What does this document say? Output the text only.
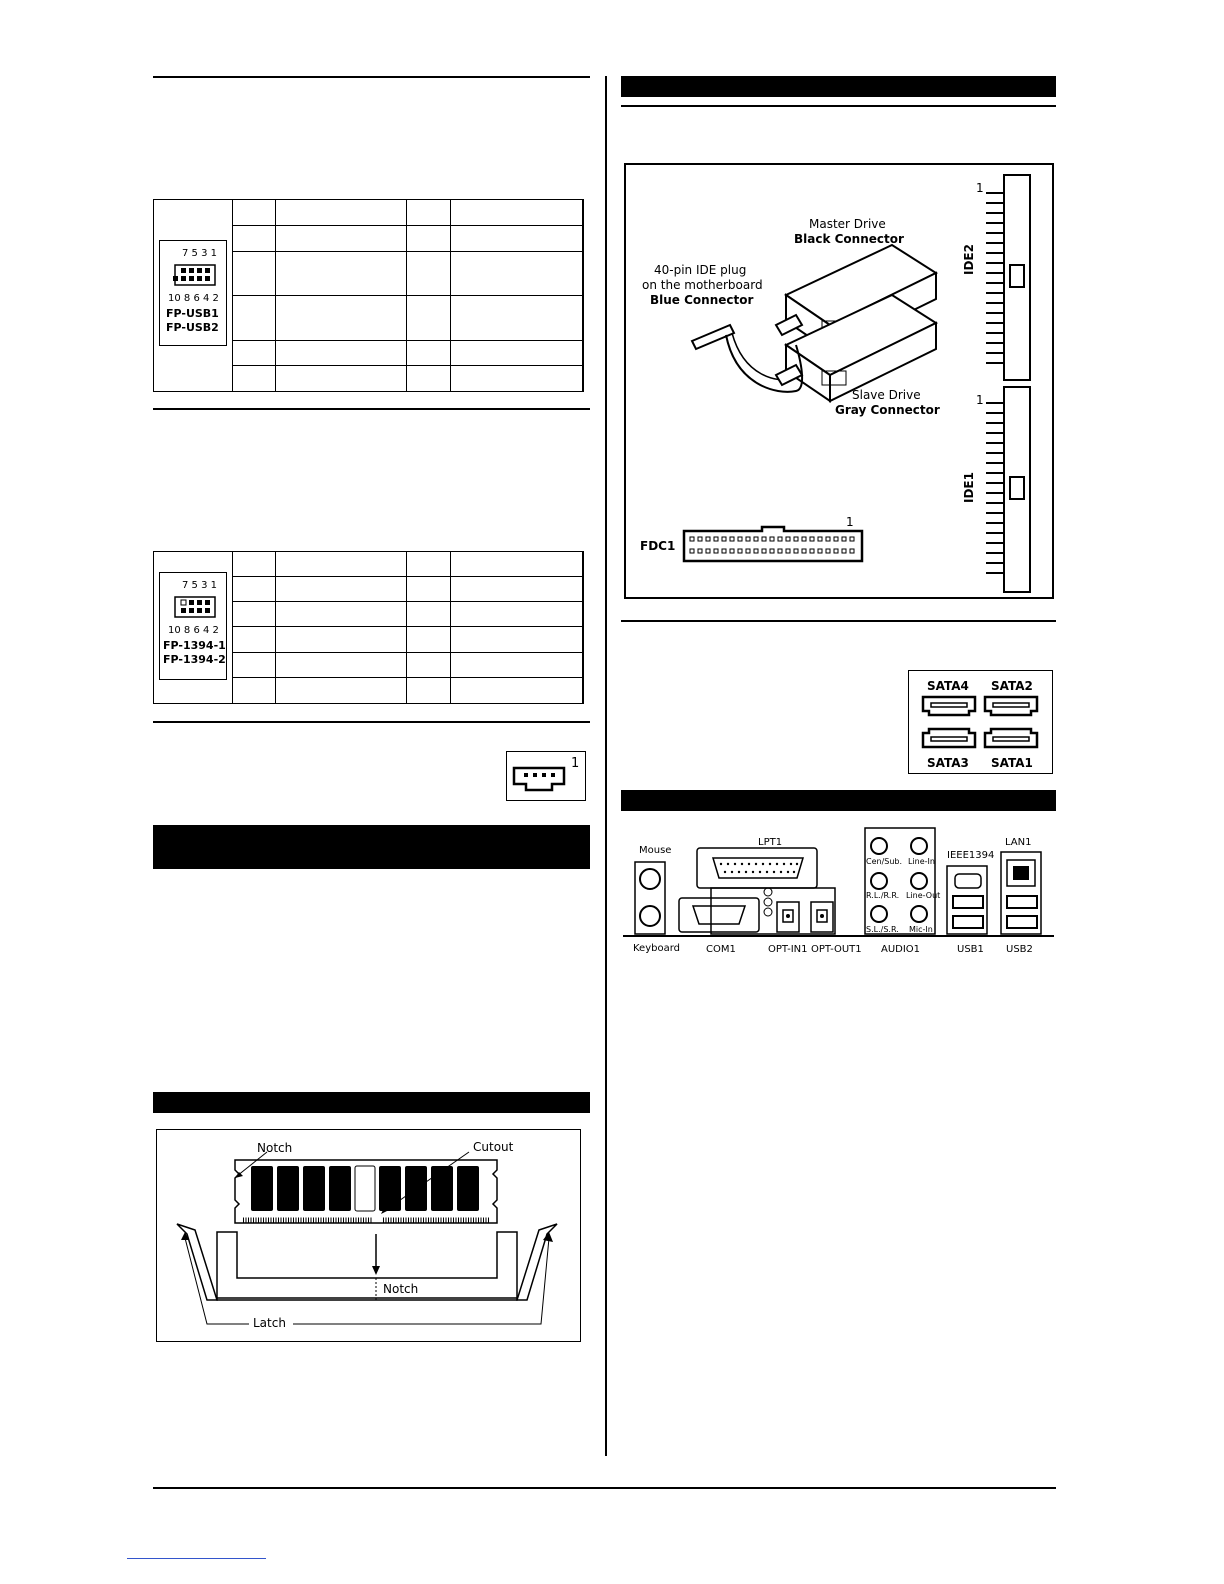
7 5 3 1
10 8 6 4 2
FP-USB1
FP-USB2

7 5 3 1
10 8 6 4 2
FP-1394-1
FP-1394-2

1
Notch	Cutout
Notch
Latch
Master Drive
Black Connector
40-pin IDE plug
on the motherboard
Blue Connector
Slave Drive
Gray Connector
IDE2
IDE1
1
1
FDC1
1
SATA4 SATA2
SATA3 SATA1
Mouse
Keyboard
LPT1
COM1	OPT-IN1 OPT-OUT1
Cen/Sub. Line-In
R.L./R.R. Line-Out
S.L./S.R. Mic-In
AUDIO1
IEEE1394
LAN1
USB1 USB2
